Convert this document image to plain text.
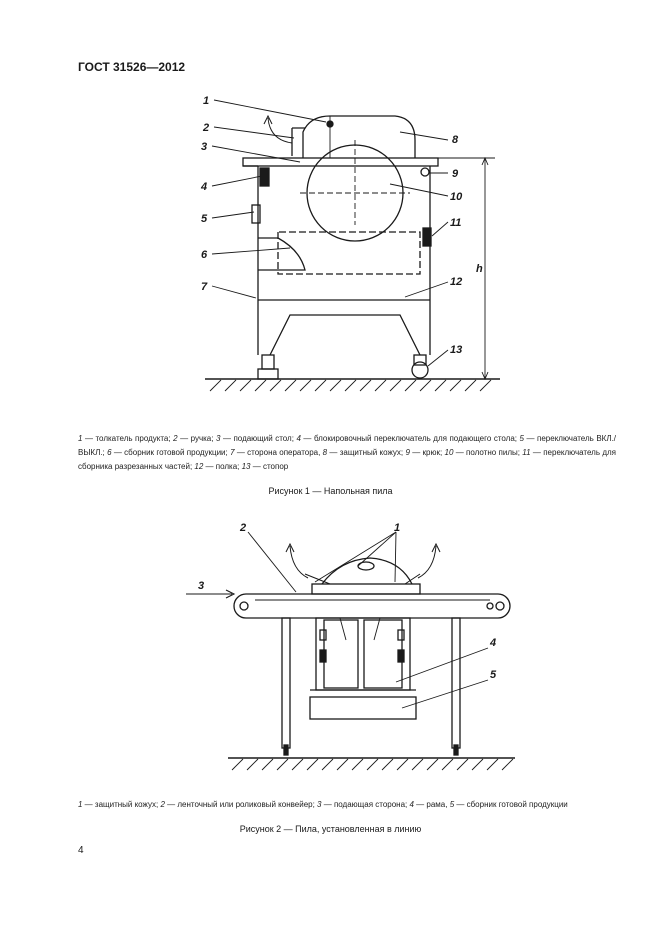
ГОСТ 31526—2012
1
2
3
4
5
6
7
8
9
10
11
12
13
h
1 — толкатель продукта; 2 — ручка; 3 — подающий стол; 4 — блокировочный переключатель для подающего стола; 5 — переключатель ВКЛ./ВЫКЛ.; 6 — сборник готовой продукции; 7 — сторона оператора, 8 — защитный кожух; 9 — крюк; 10 — полотно пилы; 11 — переключатель для сборника разрезанных частей; 12 — полка; 13 — стопор
Рисунок 1 — Напольная пила
1
2
3
4
5
1 — защитный кожух; 2 — ленточный или роликовый конвейер; 3 — подающая сторона; 4 — рама, 5 — сборник готовой продукции
Рисунок 2 — Пила, установленная в линию
4
